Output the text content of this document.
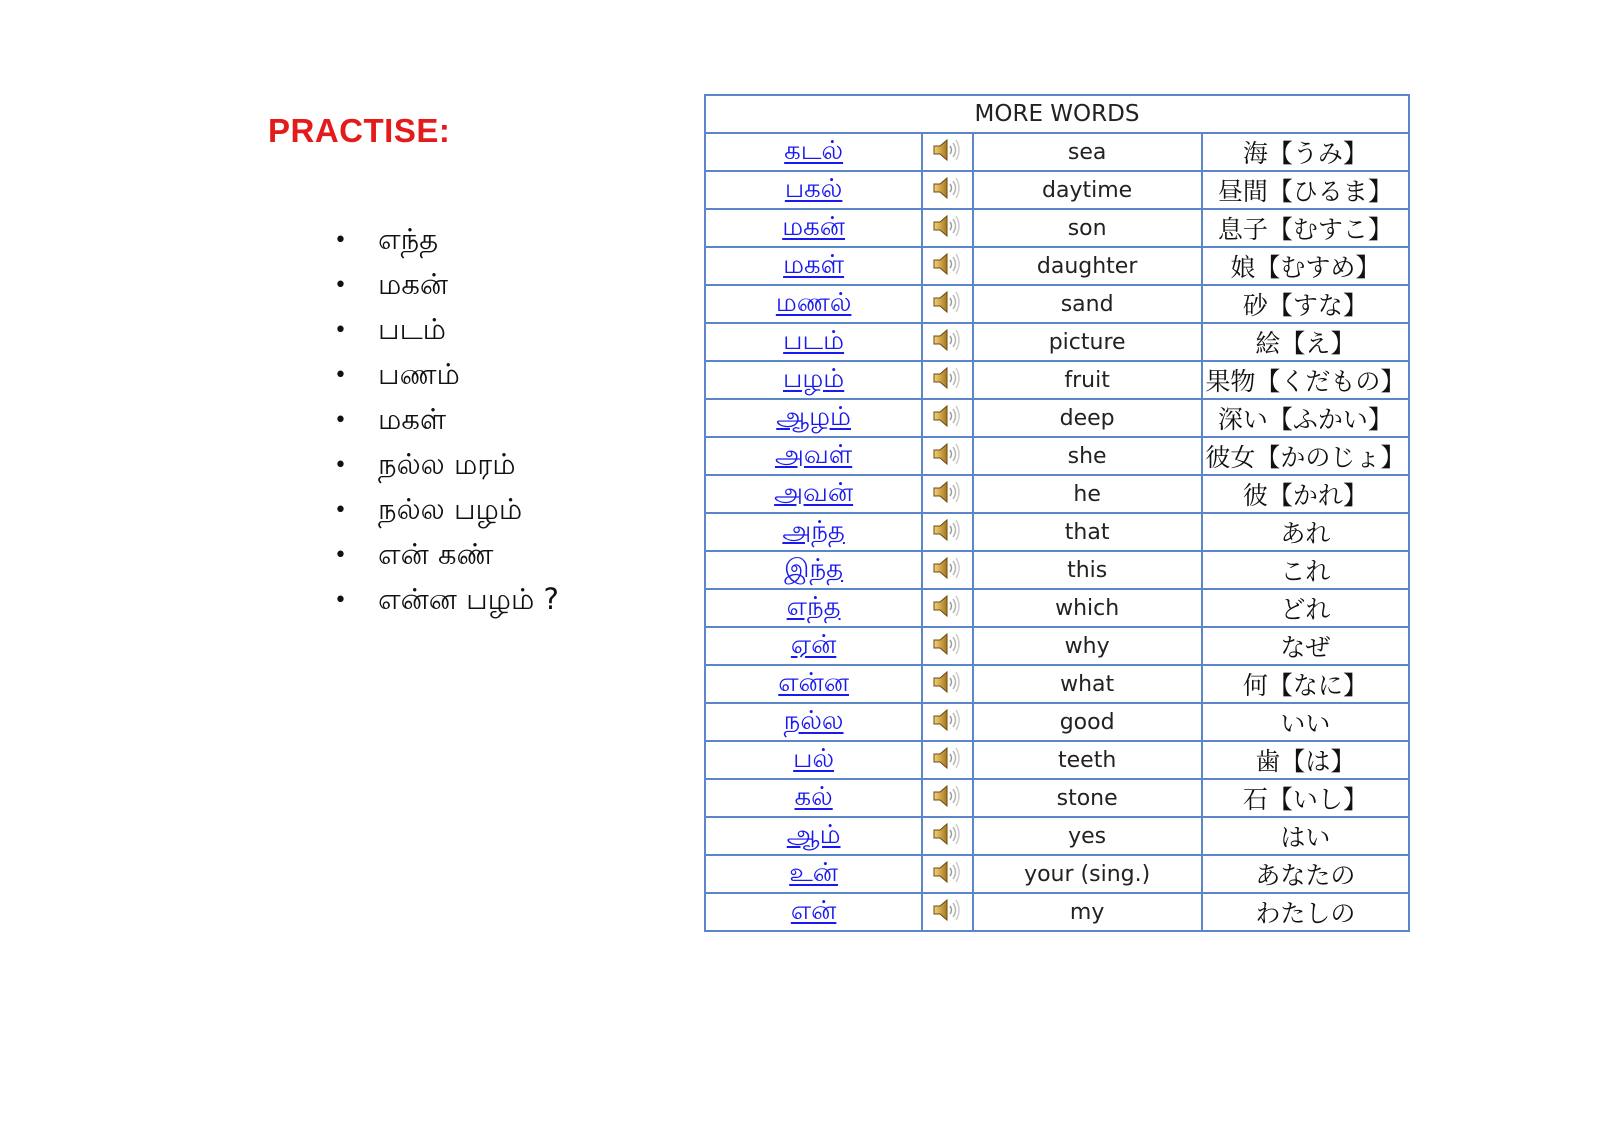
PRACTISE:
•	எந்த
•	மகன்
•	படம்
•	பணம்
•	மகள்
•	நல்ல மரம்
•	நல்ல பழம்
•	என் கண்
•	என்ன பழம் ?
MORE WORDS			
கடல்		sea	海【うみ】
பகல்		daytime	昼間【ひるま】
மகன்		son	息子【むすこ】
மகள்		daughter	娘【むすめ】
மணல்		sand	砂【すな】
படம்		picture	絵【え】
பழம்		fruit	果物【くだもの】
ஆழம்		deep	深い【ふかい】
அவள்		she	彼女【かのじょ】
அவன்		he	彼【かれ】
அந்த		that	あれ
இந்த		this	これ
எந்த		which	どれ
ஏன்		why	なぜ
என்ன		what	何【なに】
நல்ல		good	いい
பல்		teeth	歯【は】
கல்		stone	石【いし】
ஆம்		yes	はい
உன்		your (sing.)	あなたの
என்		my	わたしの
